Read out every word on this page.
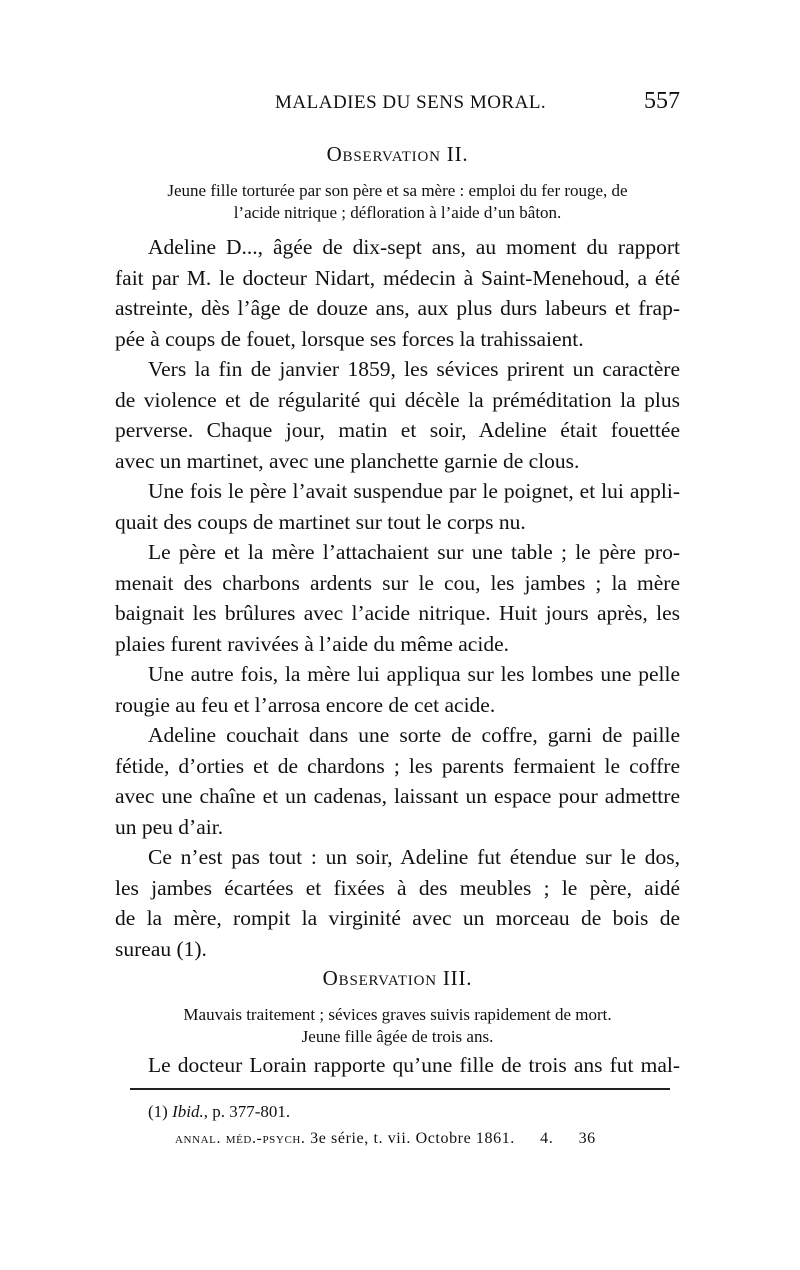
MALADIES DU SENS MORAL.	557
Observation II.
Jeune fille torturée par son père et sa mère : emploi du fer rouge, de
l’acide nitrique ; défloration à l’aide d’un bâton.
Adeline D..., âgée de dix-sept ans, au moment du rapport
fait par M. le docteur Nidart, médecin à Saint-Menehoud, a été
astreinte, dès l’âge de douze ans, aux plus durs labeurs et frap-
pée à coups de fouet, lorsque ses forces la trahissaient.
Vers la fin de janvier 1859, les sévices prirent un caractère
de violence et de régularité qui décèle la préméditation la plus
perverse. Chaque jour, matin et soir, Adeline était fouettée
avec un martinet, avec une planchette garnie de clous.
Une fois le père l’avait suspendue par le poignet, et lui appli-
quait des coups de martinet sur tout le corps nu.
Le père et la mère l’attachaient sur une table ; le père pro-
menait des charbons ardents sur le cou, les jambes ; la mère
baignait les brûlures avec l’acide nitrique. Huit jours après, les
plaies furent ravivées à l’aide du même acide.
Une autre fois, la mère lui appliqua sur les lombes une pelle
rougie au feu et l’arrosa encore de cet acide.
Adeline couchait dans une sorte de coffre, garni de paille
fétide, d’orties et de chardons ; les parents fermaient le coffre
avec une chaîne et un cadenas, laissant un espace pour admettre
un peu d’air.
Ce n’est pas tout : un soir, Adeline fut étendue sur le dos,
les jambes écartées et fixées à des meubles ; le père, aidé
de la mère, rompit la virginité avec un morceau de bois de
sureau (1).
Observation III.
Mauvais traitement ; sévices graves suivis rapidement de mort.
Jeune fille âgée de trois ans.
Le docteur Lorain rapporte qu’une fille de trois ans fut mal-
(1) Ibid., p. 377-801.
annal. méd.-psych. 3e série, t. vii. Octobre 1861. 4. 36
